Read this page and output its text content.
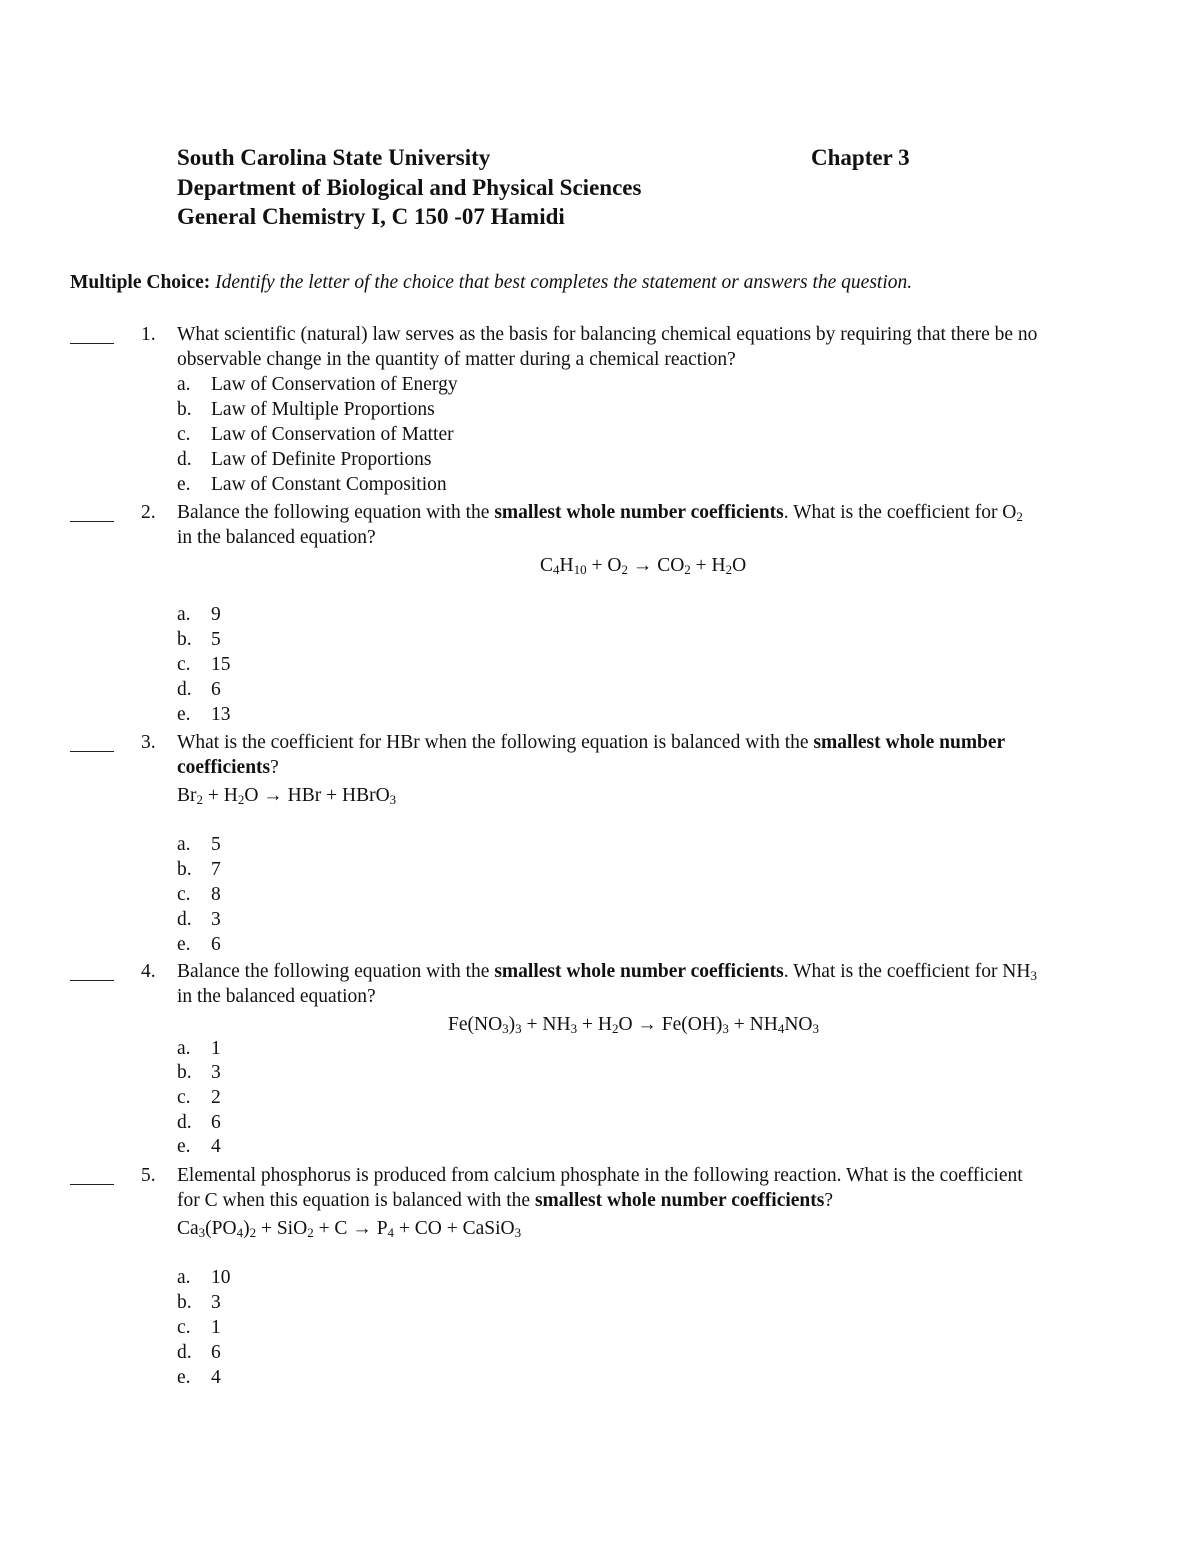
South Carolina State University
Department of Biological and Physical Sciences
General Chemistry I, C 150 -07 Hamidi
Chapter 3
Multiple Choice: Identify the letter of the choice that best completes the statement or answers the question.
1.	What scientific (natural) law serves as the basis for balancing chemical equations by requiring that there be no
observable change in the quantity of matter during a chemical reaction?
a. Law of Conservation of Energy
b. Law of Multiple Proportions
c. Law of Conservation of Matter
d. Law of Definite Proportions
e. Law of Constant Composition
2.	Balance the following equation with the smallest whole number coefficients. What is the coefficient for $O_2$
in the balanced equation?
$C_4H_{10} + O_2 \to CO_2 + H_2O$
a. 9
b. 5
c. 15
d. 6
e. 13
3.	What is the coefficient for HBr when the following equation is balanced with the smallest whole number
coefficients?
$Br_2 + H_2O$ → HBr + HBrO$_3$
a. 5
b. 7
c. 8
d. 3
e. 6
4.	Balance the following equation with the smallest whole number coefficients. What is the coefficient for $NH_3$
in the balanced equation?
$Fe(NO_3)_3 + NH_3 + H_2O \to Fe(OH)_3 + NH_4NO_3$
a. 1
b. 3
c. 2
d. 6
e. 4
5.	Elemental phosphorus is produced from calcium phosphate in the following reaction. What is the coefficient
for C when this equation is balanced with the smallest whole number coefficients?
$Ca_3(PO_4)_2 + SiO_2 + C \to P_4$ + CO + CaSiO$_3$
a. 10
b. 3
c. 1
d. 6
e. 4
